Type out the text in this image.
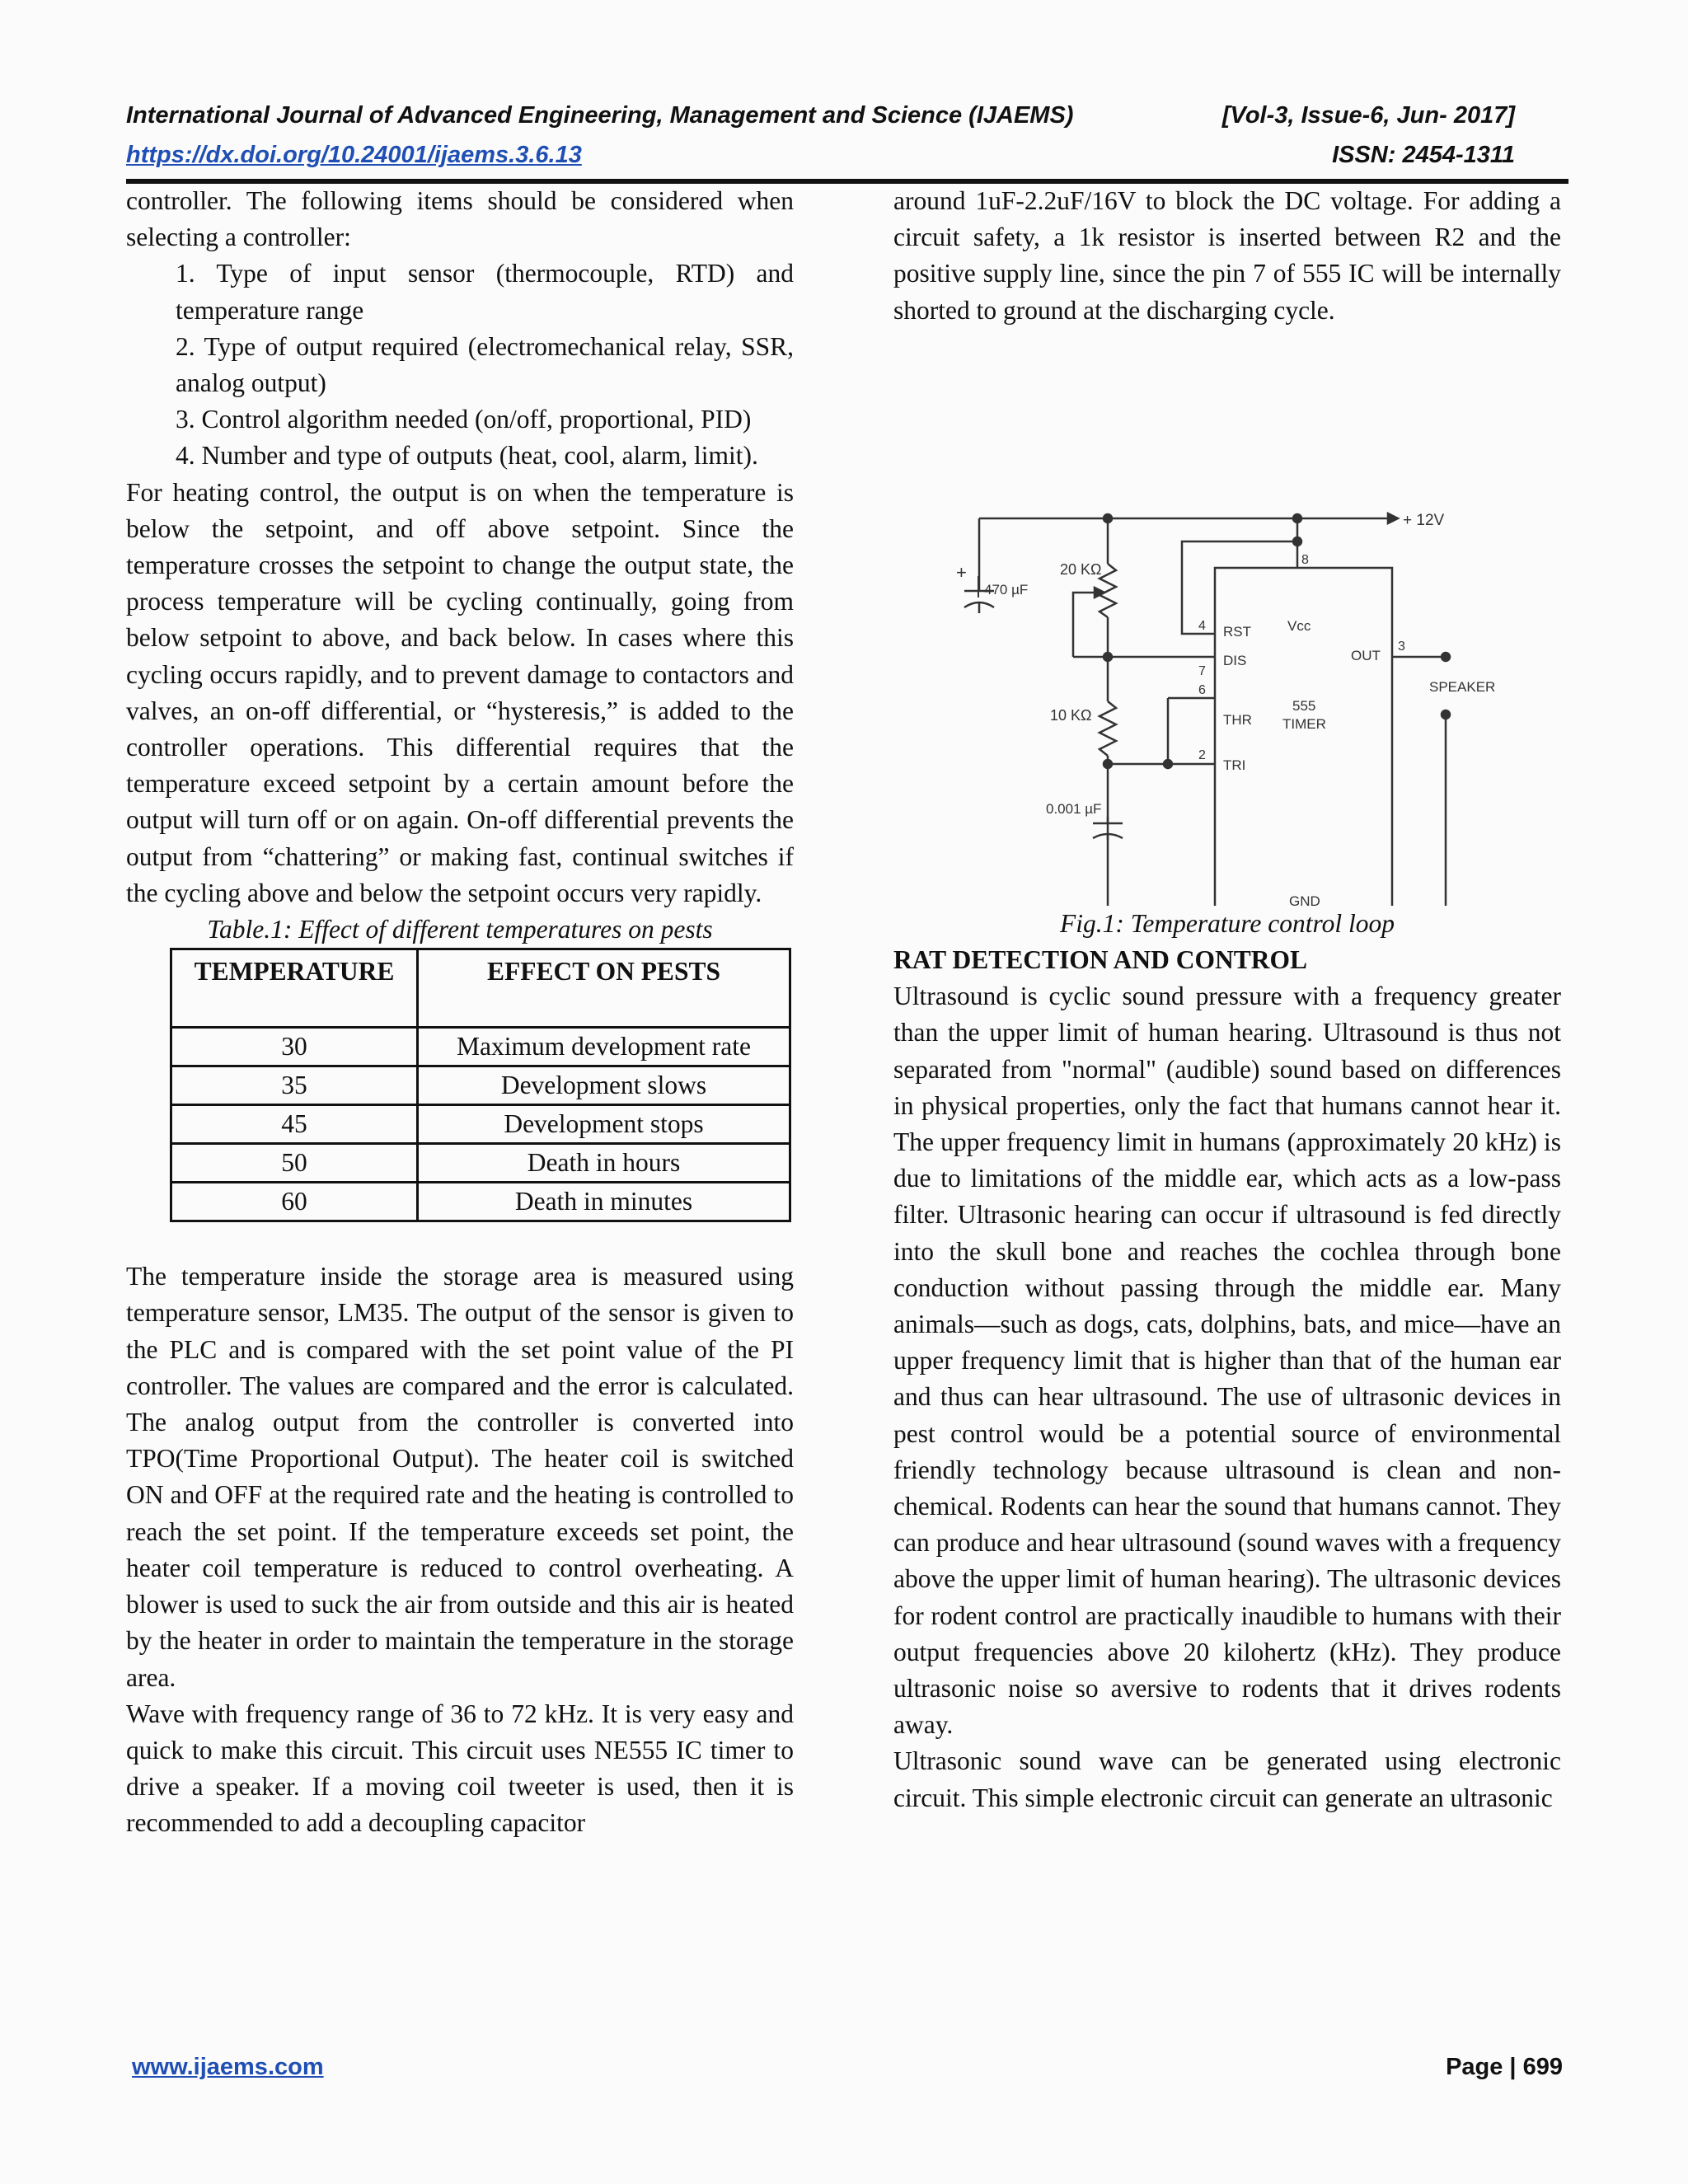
International Journal of Advanced Engineering, Management and Science (IJAEMS)	[Vol-3, Issue-6, Jun- 2017]
https://dx.doi.org/10.24001/ijaems.3.6.13	ISSN: 2454-1311

controller. The following items should be considered when selecting a controller:

1. Type of input sensor (thermocouple, RTD) and temperature range
2. Type of output required (electromechanical relay, SSR, analog output)
3. Control algorithm needed (on/off, proportional, PID)
4. Number and type of outputs (heat, cool, alarm, limit).

For heating control, the output is on when the temperature is below the setpoint, and off above setpoint. Since the temperature crosses the setpoint to change the output state, the process temperature will be cycling continually, going from below setpoint to above, and back below. In cases where this cycling occurs rapidly, and to prevent damage to contactors and valves, an on-off differential, or “hysteresis,” is added to the controller operations. This differential requires that the temperature exceed setpoint by a certain amount before the output will turn off or on again. On-off differential prevents the output from “chattering” or making fast, continual switches if the cycling above and below the setpoint occurs very rapidly.

Table.1: Effect of different temperatures on pests

TEMPERATURE	EFFECT ON PESTS
30	Maximum development rate
35	Development slows
45	Development stops
50	Death in hours
60	Death in minutes

The temperature inside the storage area is measured using temperature sensor, LM35. The output of the sensor is given to the PLC and is compared with the set point value of the PI controller. The values are compared and the error is calculated. The analog output from the controller is converted into TPO(Time Proportional Output). The heater coil is switched ON and OFF at the required rate and the heating is controlled to reach the set point. If the temperature exceeds set point, the heater coil temperature is reduced to control overheating. A blower is used to suck the air from outside and this air is heated by the heater in order to maintain the temperature in the storage area.

Wave with frequency range of 36 to 72 kHz. It is very easy and quick to make this circuit. This circuit uses NE555 IC timer to drive a speaker. If a moving coil tweeter is used, then it is recommended to add a decoupling capacitor

around 1uF-2.2uF/16V to block the DC voltage. For adding a circuit safety, a 1k resistor is inserted between R2 and the positive supply line, since the pin 7 of 555 IC will be internally shorted to ground at the discharging cycle.

+ 12V
+
470 µF
20 KΩ
10 KΩ
0.001 µF
Vcc
RST
DIS	OUT
555
TIMER
THR
TRI
GND
8
4
7
6
2
3
SPEAKER

Fig.1: Temperature control loop

RAT DETECTION AND CONTROL

Ultrasound is cyclic sound pressure with a frequency greater than the upper limit of human hearing. Ultrasound is thus not separated from "normal" (audible) sound based on differences in physical properties, only the fact that humans cannot hear it. The upper frequency limit in humans (approximately 20 kHz) is due to limitations of the middle ear, which acts as a low-pass filter. Ultrasonic hearing can occur if ultrasound is fed directly into the skull bone and reaches the cochlea through bone conduction without passing through the middle ear. Many animals—such as dogs, cats, dolphins, bats, and mice—have an upper frequency limit that is higher than that of the human ear and thus can hear ultrasound. The use of ultrasonic devices in pest control would be a potential source of environmental friendly technology because ultrasound is clean and non-chemical. Rodents can hear the sound that humans cannot. They can produce and hear ultrasound (sound waves with a frequency above the upper limit of human hearing). The ultrasonic devices for rodent control are practically inaudible to humans with their output frequencies above 20 kilohertz (kHz). They produce ultrasonic noise so aversive to rodents that it drives rodents away.

Ultrasonic sound wave can be generated using electronic circuit. This simple electronic circuit can generate an ultrasonic

www.ijaems.com	Page | 699
